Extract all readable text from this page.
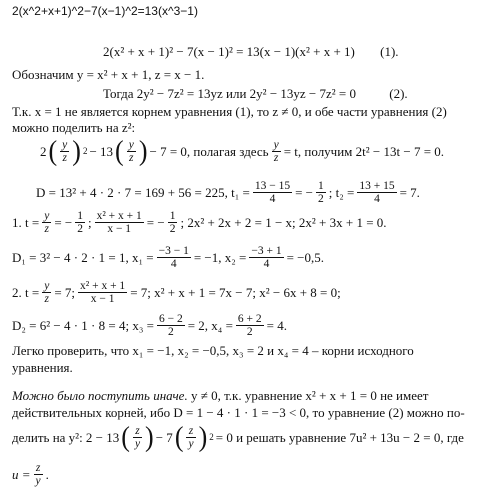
2(x^2+x+1)^2−7(x−1)^2=13(x^3−1)
2(x² + x + 1)² − 7(x − 1)² = 13(x − 1)(x² + x + 1) (1).
Обозначим y = x² + x + 1, z = x − 1.
Тогда 2y² − 7z² = 13yz или 2y² − 13yz − 7z² = 0	(2).
Т.к. x = 1 не является корнем уравнения (1), то z ≠ 0, и обе части уравнения (2)
можно поделить на z²:
2 ( $\frac{y}{z}$ ) 2 − 13 ( $\frac{y}{z}$ ) − 7 = 0, полагая здесь $\frac{y}{z} = t$, получим 2t² − 13t − 7 = 0.
D = 13² + 4 · 2 · 7 = 169 + 56 = 225, $t_1 = \frac{13 - 15}{4}$ = − $\frac{1}{2}$ ; $t_2 = \frac{13 + 15}{4} = 7$.
1. $t = \frac{y}{z}$ = − $\frac{1}{2}$ ; $\frac{\text{x² + x + 1}}{x - 1}$ = − $\frac{1}{2}$ ; 2x² + 2x + 2 = 1 − x; 2x² + 3x + 1 = 0.
D₁ = 3² − 4 · 2 · 1 = 1, $x_1 = \frac{-3 - 1}{4} = -1$, $x_2 = \frac{-3 + 1}{4} = -0,5$.
2. $t = \frac{y}{z} = 7$; $\frac{\text{x² + x + 1}}{x - 1} = 7$; x² + x + 1 = 7x − 7; x² − 6x + 8 = 0;
D₂ = 6² − 4 · 1 · 8 = 4; $x_3 = \frac{6 - 2}{2} = 2$, $x_4 = \frac{6 + 2}{2} = 4$.
Легко проверить, что x₁ = −1, x₂ = −0,5, x₃ = 2 и x₄ = 4 – корни исходного
уравнения.
Можно было поступить иначе. y ≠ 0, т.к. уравнение x² + x + 1 = 0 не имеет
действительных корней, ибо D = 1 − 4 · 1 · 1 = −3 < 0, то уравнение (2) можно по-
делить на y²: 2 − 13 ( $\frac{z}{y}$ ) − 7 ( $\frac{z}{y}$ ) 2 = 0 и решать уравнение 7u² + 13u − 2 = 0, где
$u = \frac{z}{y}$ .
